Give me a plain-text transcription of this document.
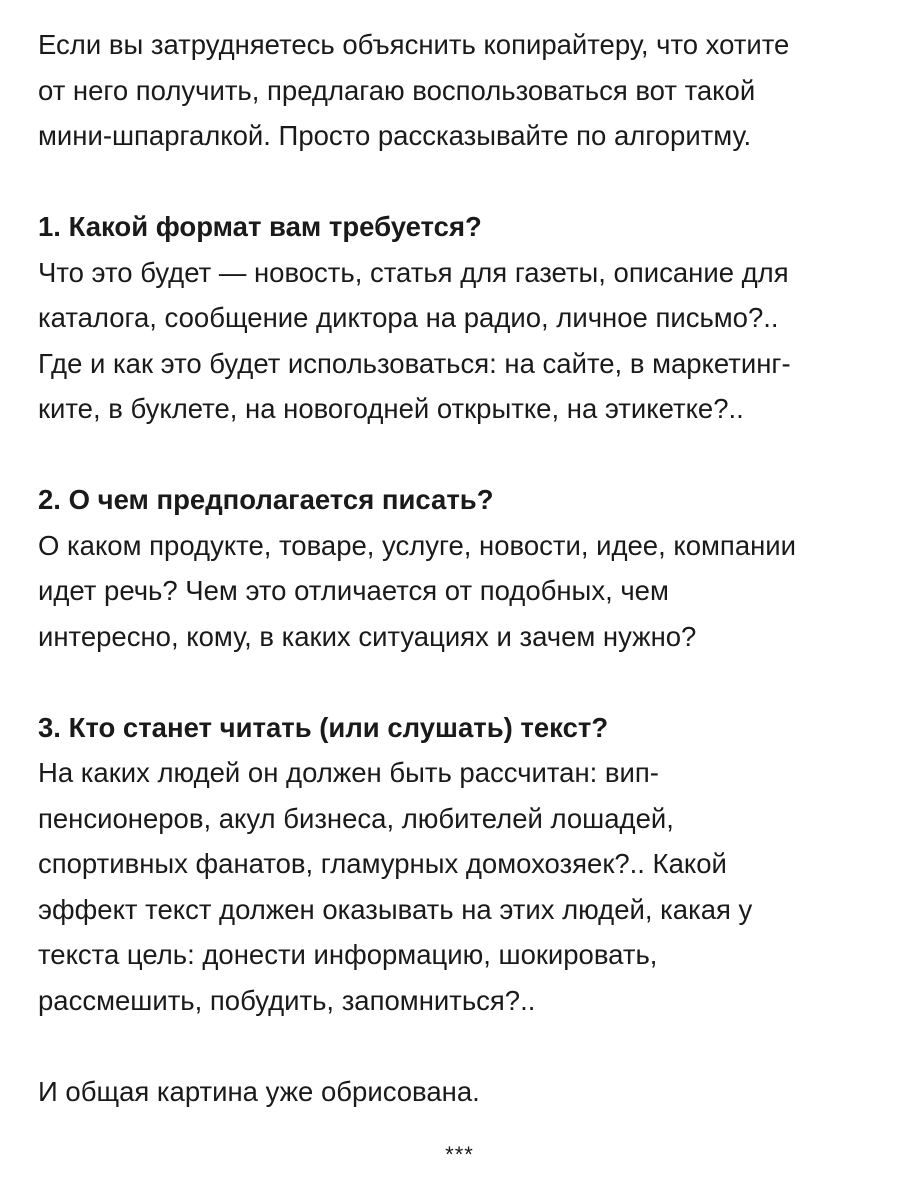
Если вы затрудняетесь объяснить копирайтеру, что хотите
от него получить, предлагаю воспользоваться вот такой
мини-шпаргалкой. Просто рассказывайте по алгоритму.
1. Какой формат вам требуется?
Что это будет — новость, статья для газеты, описание для
каталога, сообщение диктора на радио, личное письмо?..
Где и как это будет использоваться: на сайте, в маркетинг-
ките, в буклете, на новогодней открытке, на этикетке?..
2. О чем предполагается писать?
О каком продукте, товаре, услуге, новости, идее, компании
идет речь? Чем это отличается от подобных, чем
интересно, кому, в каких ситуациях и зачем нужно?
3. Кто станет читать (или слушать) текст?
На каких людей он должен быть рассчитан: вип-
пенсионеров, акул бизнеса, любителей лошадей,
спортивных фанатов, гламурных домохозяек?.. Какой
эффект текст должен оказывать на этих людей, какая у
текста цель: донести информацию, шокировать,
рассмешить, побудить, запомниться?..
И общая картина уже обрисована.
***
